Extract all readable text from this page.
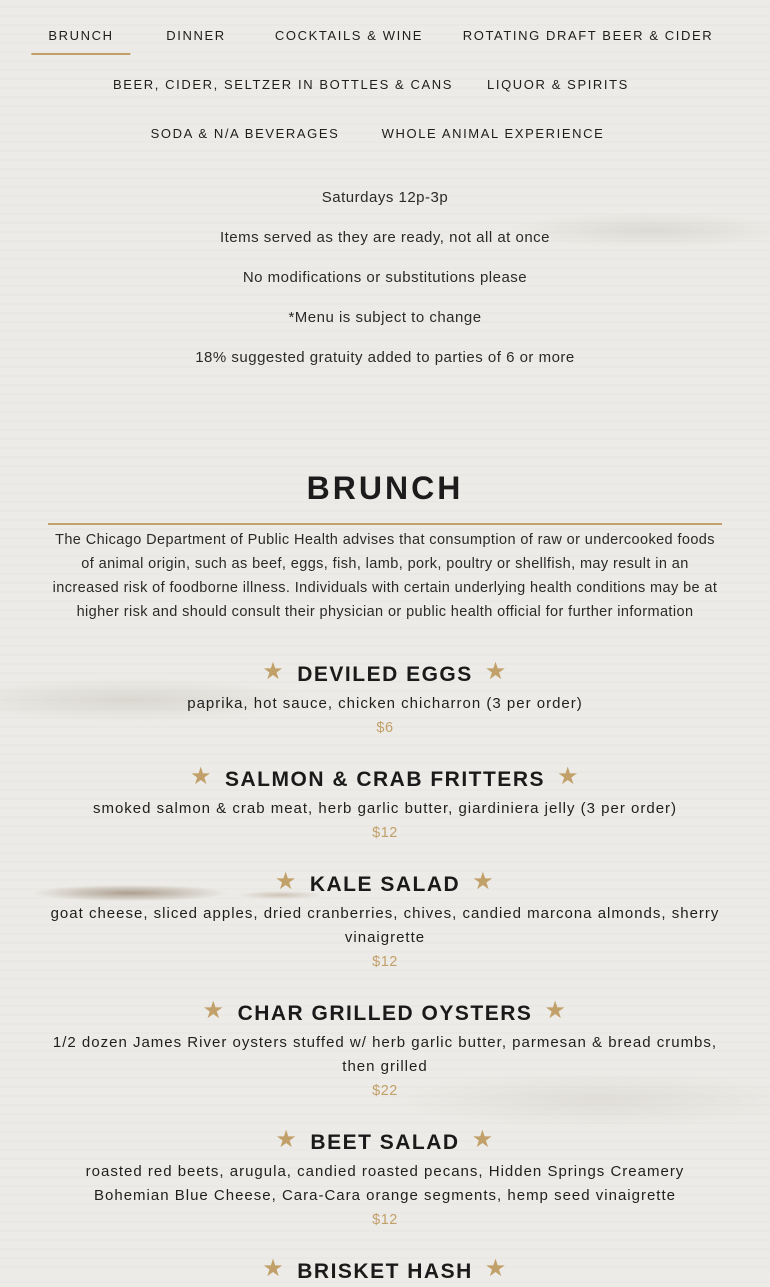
BRUNCH	DINNER	COCKTAILS & WINE	ROTATING DRAFT BEER & CIDER
BEER, CIDER, SELTZER IN BOTTLES & CANS	LIQUOR & SPIRITS
SODA & N/A BEVERAGES	WHOLE ANIMAL EXPERIENCE
Saturdays 12p-3p
Items served as they are ready, not all at once
No modifications or substitutions please
*Menu is subject to change
18% suggested gratuity added to parties of 6 or more
BRUNCH

The Chicago Department of Public Health advises that consumption of raw or undercooked foods of animal origin, such as beef, eggs, fish, lamb, pork, poultry or shellfish, may result in an increased risk of foodborne illness. Individuals with certain underlying health conditions may be at higher risk and should consult their physician or public health official for further information

★ DEVILED EGGS ★
paprika, hot sauce, chicken chicharron (3 per order)
$6
★ SALMON & CRAB FRITTERS ★
smoked salmon & crab meat, herb garlic butter, giardiniera jelly (3 per order)
$12
★ KALE SALAD ★
goat cheese, sliced apples, dried cranberries, chives, candied marcona almonds, sherry vinaigrette
$12
★ CHAR GRILLED OYSTERS ★
1/2 dozen James River oysters stuffed w/ herb garlic butter, parmesan & bread crumbs, then grilled
$22
★ BEET SALAD ★
roasted red beets, arugula, candied roasted pecans, Hidden Springs Creamery Bohemian Blue Cheese, Cara-Cara orange segments, hemp seed vinaigrette
$12
★ BRISKET HASH ★
